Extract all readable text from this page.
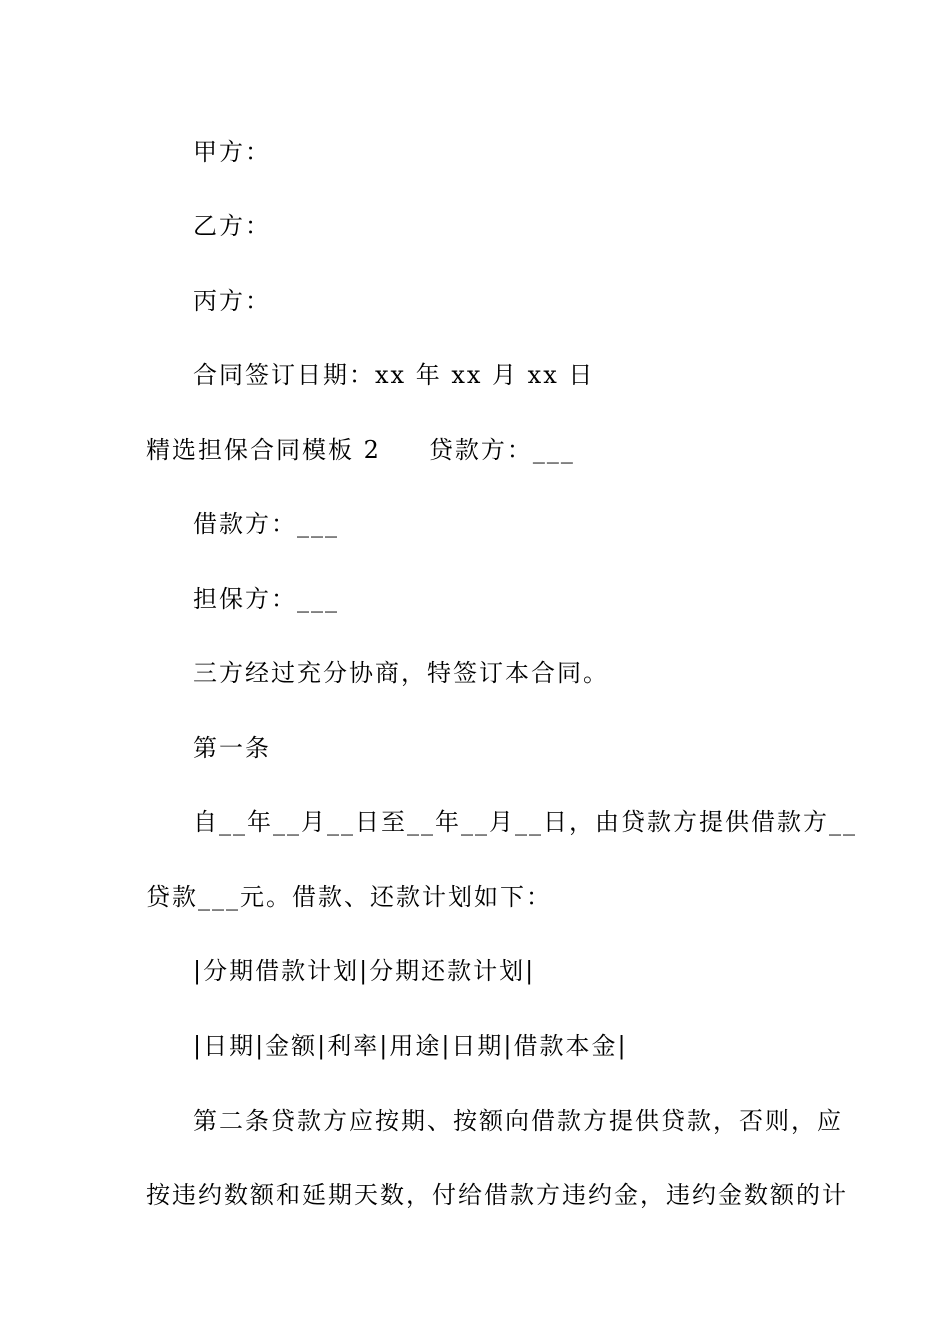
甲方：
乙方：
丙方：
合同签订日期：xx 年 xx 月 xx 日
精选担保合同模板 2 贷款方：___
借款方：___
担保方：___
三方经过充分协商，特签订本合同。
第一条
自__年__月__日至__年__月__日，由贷款方提供借款方__
贷款___元。借款、还款计划如下：
|分期借款计划|分期还款计划|
|日期|金额|利率|用途|日期|借款本金|
第二条贷款方应按期、按额向借款方提供贷款，否则，应
按违约数额和延期天数，付给借款方违约金，违约金数额的计
